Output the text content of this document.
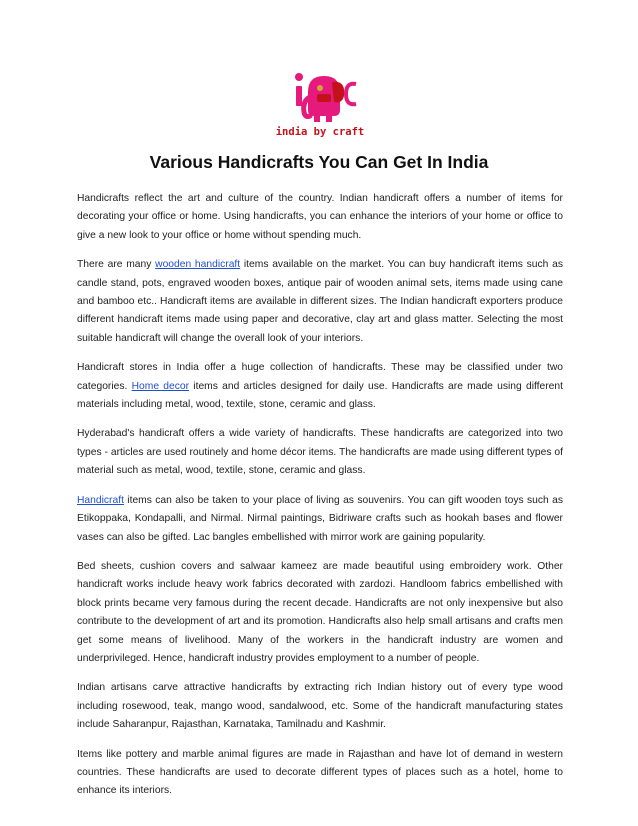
india by craft
Various Handicrafts You Can Get In India

Handicrafts reflect the art and culture of the country. Indian handicraft offers a number of items for decorating your office or home. Using handicrafts, you can enhance the interiors of your home or office to give a new look to your office or home without spending much.

There are many wooden handicraft items available on the market. You can buy handicraft items such as candle stand, pots, engraved wooden boxes, antique pair of wooden animal sets, items made using cane and bamboo etc.. Handicraft items are available in different sizes. The Indian handicraft exporters produce different handicraft items made using paper and decorative, clay art and glass matter. Selecting the most suitable handicraft will change the overall look of your interiors.

Handicraft stores in India offer a huge collection of handicrafts. These may be classified under two categories. Home decor items and articles designed for daily use. Handicrafts are made using different materials including metal, wood, textile, stone, ceramic and glass.

Hyderabad's handicraft offers a wide variety of handicrafts. These handicrafts are categorized into two types - articles are used routinely and home décor items. The handicrafts are made using different types of material such as metal, wood, textile, stone, ceramic and glass.

Handicraft items can also be taken to your place of living as souvenirs. You can gift wooden toys such as Etikoppaka, Kondapalli, and Nirmal. Nirmal paintings, Bidriware crafts such as hookah bases and flower vases can also be gifted. Lac bangles embellished with mirror work are gaining popularity.

Bed sheets, cushion covers and salwaar kameez are made beautiful using embroidery work. Other handicraft works include heavy work fabrics decorated with zardozi. Handloom fabrics embellished with block prints became very famous during the recent decade. Handicrafts are not only inexpensive but also contribute to the development of art and its promotion. Handicrafts also help small artisans and crafts men get some means of livelihood. Many of the workers in the handicraft industry are women and underprivileged. Hence, handicraft industry provides employment to a number of people.

Indian artisans carve attractive handicrafts by extracting rich Indian history out of every type wood including rosewood, teak, mango wood, sandalwood, etc. Some of the handicraft manufacturing states include Saharanpur, Rajasthan, Karnataka, Tamilnadu and Kashmir.

Items like pottery and marble animal figures are made in Rajasthan and have lot of demand in western countries. These handicrafts are used to decorate different types of places such as a hotel, home to enhance its interiors.
